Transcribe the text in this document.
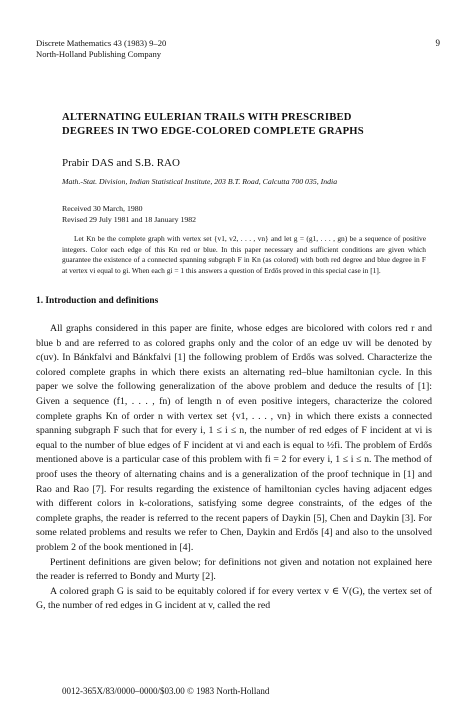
Discrete Mathematics 43 (1983) 9–20
North-Holland Publishing Company
9
ALTERNATING EULERIAN TRAILS WITH PRESCRIBED
DEGREES IN TWO EDGE-COLORED COMPLETE GRAPHS
Prabir DAS and S.B. RAO
Math.-Stat. Division, Indian Statistical Institute, 203 B.T. Road, Calcutta 700 035, India
Received 30 March, 1980
Revised 29 July 1981 and 18 January 1982

Let Kn be the complete graph with vertex set {v1, v2, . . . , vn} and let g = (g1, . . . , gn) be a sequence of positive integers. Color each edge of this Kn red or blue. In this paper necessary and sufficient conditions are given which guarantee the existence of a connected spanning subgraph F in Kn (as colored) with both red degree and blue degree in F at vertex vi equal to gi. When each gi = 1 this answers a question of Erdős proved in this special case in [1].

1. Introduction and definitions

All graphs considered in this paper are finite, whose edges are bicolored with colors red r and blue b and are referred to as colored graphs only and the color of an edge uv will be denoted by c(uv). In Bánkfalvi and Bánkfalvi [1] the following problem of Erdős was solved. Characterize the colored complete graphs in which there exists an alternating red–blue hamiltonian cycle. In this paper we solve the following generalization of the above problem and deduce the results of [1]: Given a sequence (f1, . . . , fn) of length n of even positive integers, characterize the colored complete graphs Kn of order n with vertex set {v1, . . . , vn} in which there exists a connected spanning subgraph F such that for every i, 1 ≤ i ≤ n, the number of red edges of F incident at vi is equal to the number of blue edges of F incident at vi and each is equal to ½fi. The problem of Erdős mentioned above is a particular case of this problem with fi = 2 for every i, 1 ≤ i ≤ n. The method of proof uses the theory of alternating chains and is a generalization of the proof technique in [1] and Rao and Rao [7]. For results regarding the existence of hamiltonian cycles having adjacent edges with different colors in k-colorations, satisfying some degree constraints, of the edges of the complete graphs, the reader is referred to the recent papers of Daykin [5], Chen and Daykin [3]. For some related problems and results we refer to Chen, Daykin and Erdős [4] and also to the unsolved problem 2 of the book mentioned in [4].

Pertinent definitions are given below; for definitions not given and notation not explained here the reader is referred to Bondy and Murty [2].

A colored graph G is said to be equitably colored if for every vertex v ∈ V(G), the vertex set of G, the number of red edges in G incident at v, called the red

0012-365X/83/0000–0000/$03.00 © 1983 North-Holland
